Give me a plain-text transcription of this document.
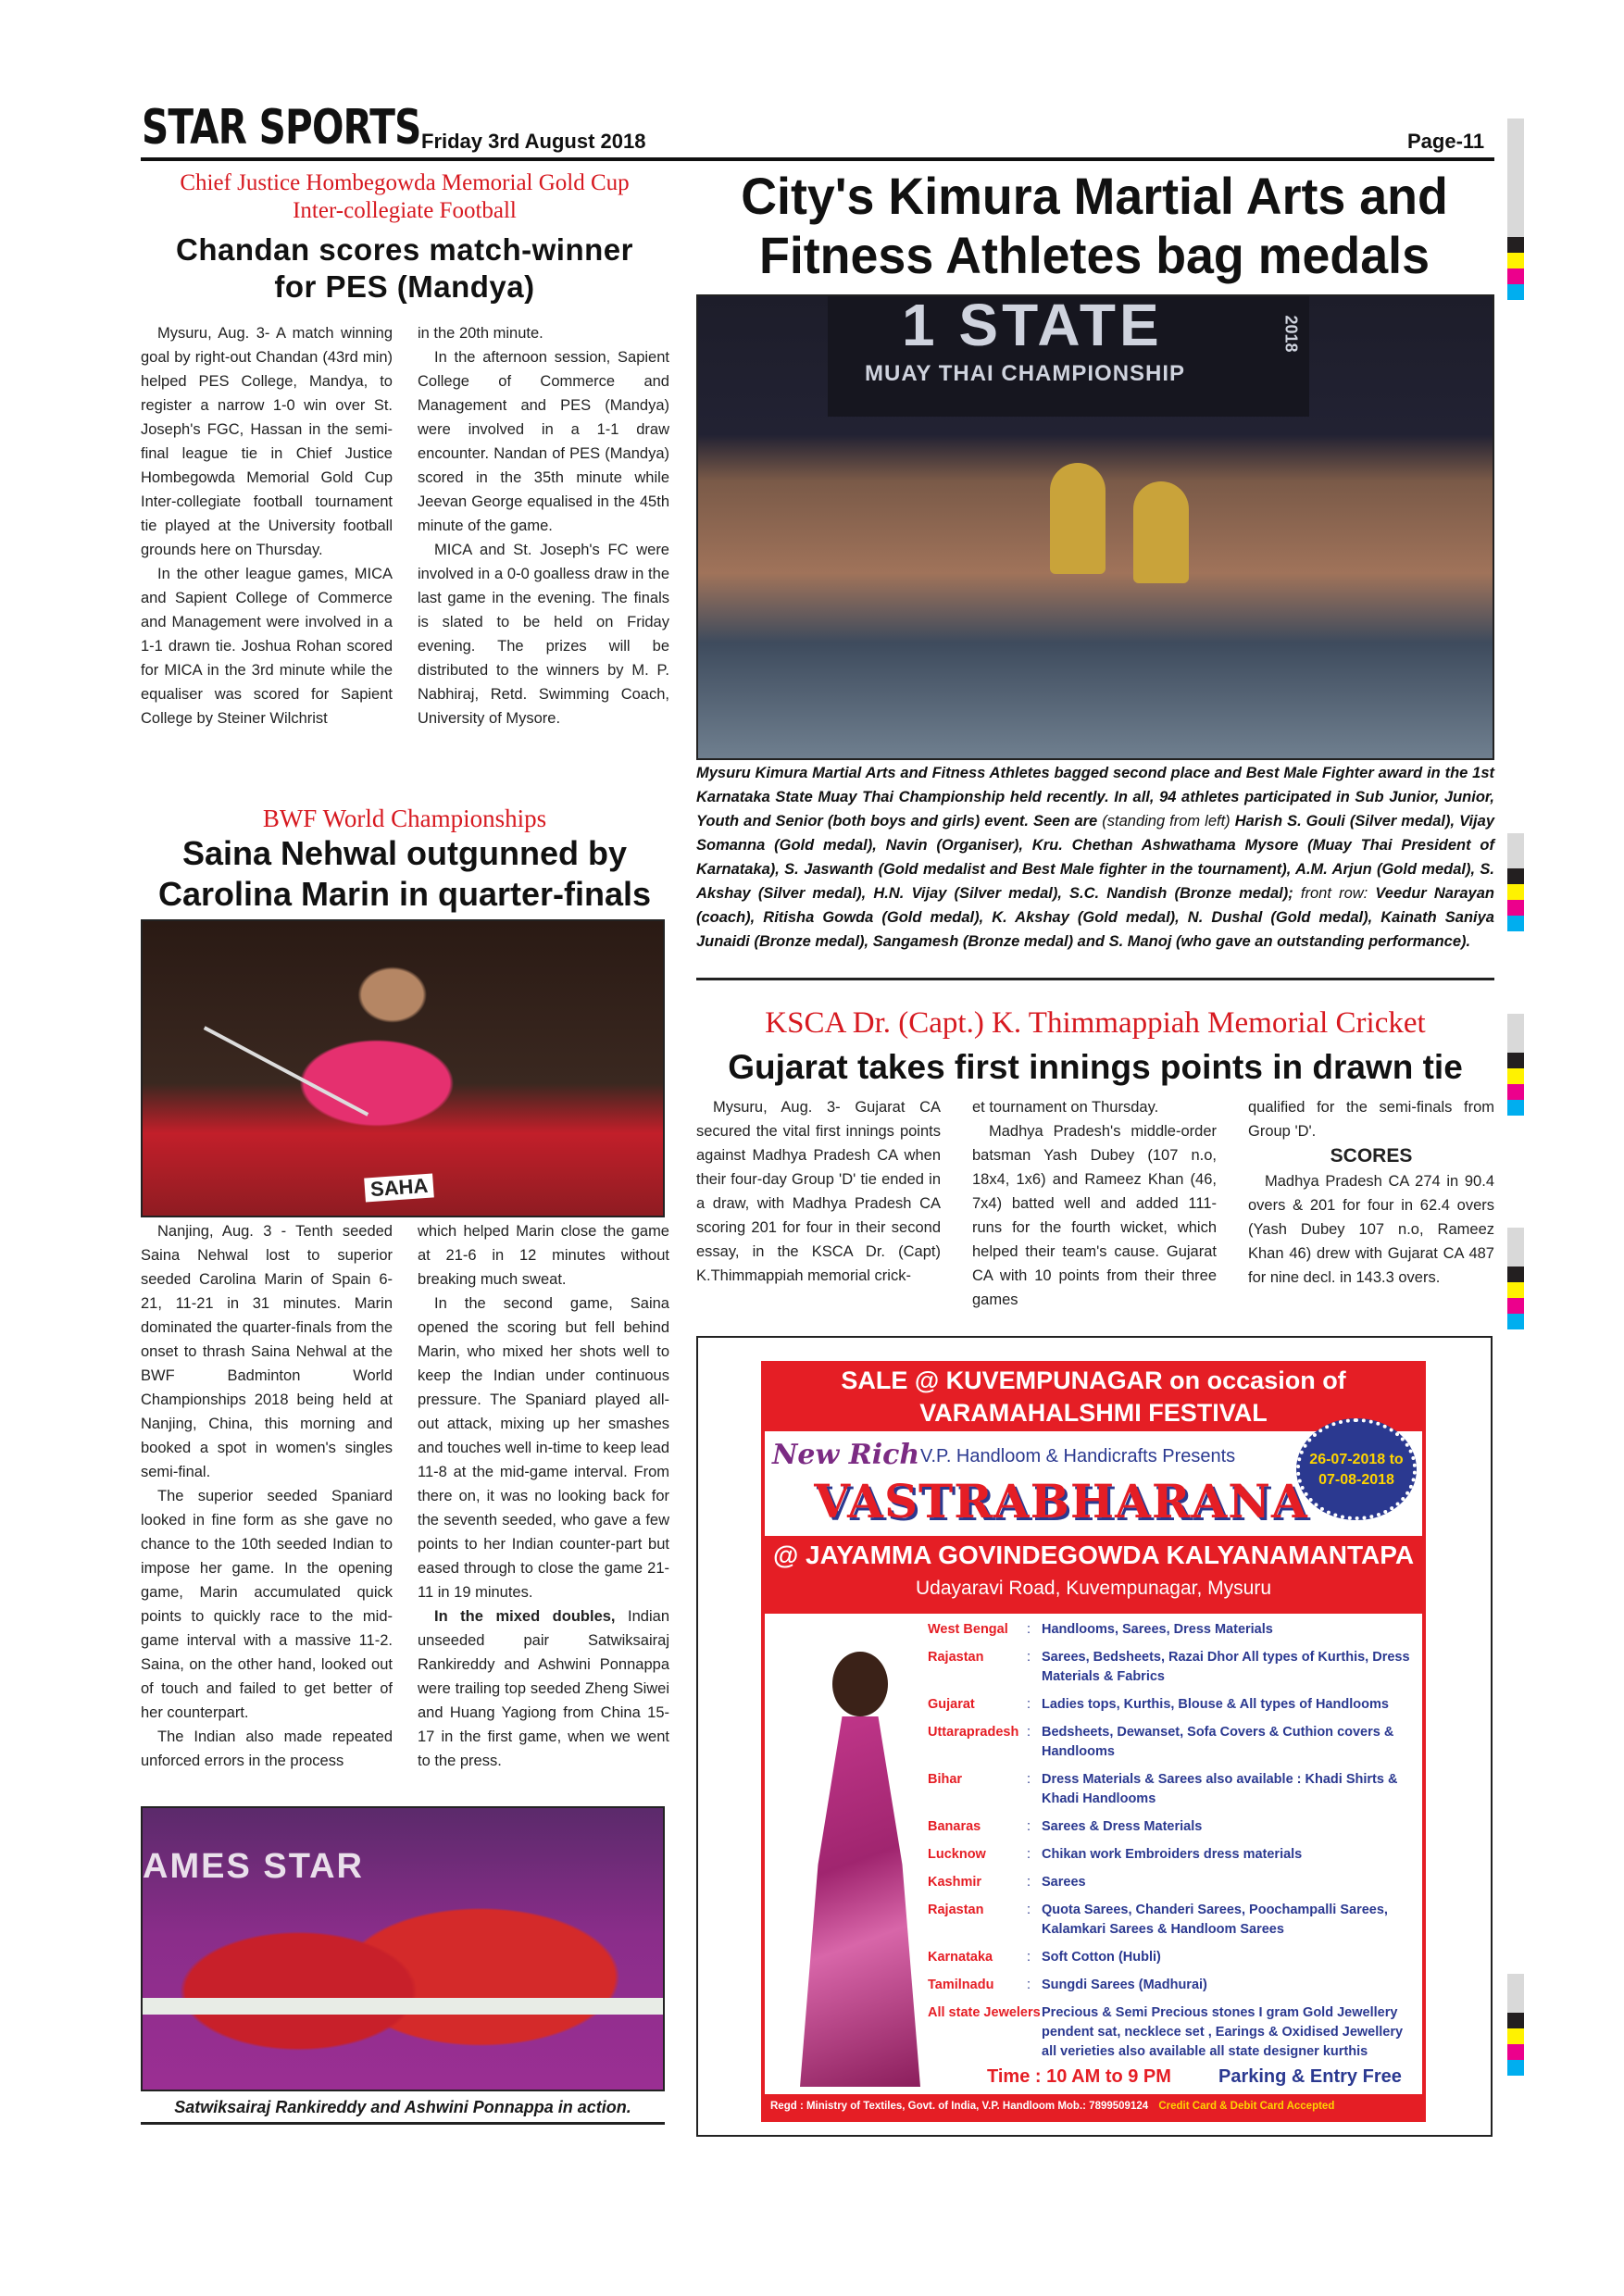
STAR SPORTS Friday 3rd August 2018	Page-11
Chief Justice Hombegowda Memorial Gold Cup
Inter-collegiate Football
Chandan scores match-winner
for PES (Mandya)

Mysuru, Aug. 3- A match winning goal by right-out Chandan (43rd min) helped PES College, Mandya, to register a narrow 1-0 win over St. Joseph's FGC, Hassan in the semi-final league tie in Chief Justice Hombegowda Memorial Gold Cup Inter-collegiate football tournament tie played at the University football grounds here on Thursday.

In the other league games, MICA and Sapient College of Commerce and Management were involved in a 1-1 drawn tie. Joshua Rohan scored for MICA in the 3rd minute while the equaliser was scored for Sapient College by Steiner Wilchrist

in the 20th minute.

In the afternoon session, Sapient College of Commerce and Management and PES (Mandya) were involved in a 1-1 draw encounter. Nandan of PES (Mandya) scored in the 35th minute while Jeevan George equalised in the 45th minute of the game.

MICA and St. Joseph's FC were involved in a 0-0 goalless draw in the last game in the evening. The finals is slated to be held on Friday evening. The prizes will be distributed to the winners by M. P. Nabhiraj, Retd. Swimming Coach, University of Mysore.

BWF World Championships
Saina Nehwal outgunned by
Carolina Marin in quarter-finals
SAHA

Nanjing, Aug. 3 - Tenth seeded Saina Nehwal lost to superior seeded Carolina Marin of Spain 6-21, 11-21 in 31 minutes. Marin dominated the quarter-finals from the onset to thrash Saina Nehwal at the BWF Badminton World Championships 2018 being held at Nanjing, China, this morning and booked a spot in women's singles semi-final.

The superior seeded Spaniard looked in fine form as she gave no chance to the 10th seeded Indian to impose her game. In the opening game, Marin accumulated quick points to quickly race to the mid-game interval with a massive 11-2. Saina, on the other hand, looked out of touch and failed to get better of her counterpart.

The Indian also made repeated unforced errors in the process

which helped Marin close the game at 21-6 in 12 minutes without breaking much sweat.

In the second game, Saina opened the scoring but fell behind Marin, who mixed her shots well to keep the Indian under continuous pressure. The Spaniard played all-out attack, mixing up her smashes and touches well in-time to keep lead 11-8 at the mid-game interval. From there on, it was no looking back for the seventh seeded, who gave a few points to her Indian counter-part but eased through to close the game 21-11 in 19 minutes.

In the mixed doubles, Indian unseeded pair Satwiksairaj Rankireddy and Ashwini Ponnappa were trailing top seeded Zheng Siwei and Huang Yagiong from China 15-17 in the first game, when we went to the press.

AMES STAR
Satwiksairaj Rankireddy and Ashwini Ponnappa in action.
City's Kimura Martial Arts and
Fitness Athletes bag medals
1 STATE
MUAY THAI CHAMPIONSHIP
2018
Mysuru Kimura Martial Arts and Fitness Athletes bagged second place and Best Male Fighter award in the 1st Karnataka State Muay Thai Championship held recently. In all, 94 athletes participated in Sub Junior, Junior, Youth and Senior (both boys and girls) event. Seen are (standing from left) Harish S. Gouli (Silver medal), Vijay Somanna (Gold medal), Navin (Organiser), Kru. Chethan Ashwathama Mysore (Muay Thai President of Karnataka), S. Jaswanth (Gold medalist and Best Male fighter in the tournament), A.M. Arjun (Gold medal), S. Akshay (Silver medal), H.N. Vijay (Silver medal), S.C. Nandish (Bronze medal); front row: Veedur Narayan (coach), Ritisha Gowda (Gold medal), K. Akshay (Gold medal), N. Dushal (Gold medal), Kainath Saniya Junaidi (Bronze medal), Sangamesh (Bronze medal) and S. Manoj (who gave an outstanding performance).
KSCA Dr. (Capt.) K. Thimmappiah Memorial Cricket
Gujarat takes first innings points in drawn tie

Mysuru, Aug. 3- Gujarat CA secured the vital first innings points against Madhya Pradesh CA when their four-day Group 'D' tie ended in a draw, with Madhya Pradesh CA scoring 201 for four in their second essay, in the KSCA Dr. (Capt) K.Thimmappiah memorial crick-

et tournament on Thursday.

Madhya Pradesh's middle-order batsman Yash Dubey (107 n.o, 18x4, 1x6) and Rameez Khan (46, 7x4) batted well and added 111-runs for the fourth wicket, which helped their team's cause. Gujarat CA with 10 points from their three games

qualified for the semi-finals from Group 'D'.
SCORES

Madhya Pradesh CA 274 in 90.4 overs & 201 for four in 62.4 overs (Yash Dubey 107 n.o, Rameez Khan 46) drew with Gujarat CA 487 for nine decl. in 143.3 overs.

SALE @ KUVEMPUNAGAR on occasion of
VARAMAHALSHMI FESTIVAL
26-07-2018 to
07-08-2018
New Rich V.P. Handloom & Handicrafts Presents
VASTRABHARANA
@ JAYAMMA GOVINDEGOWDA KALYANAMANTAPA
Udayaravi Road, Kuvempunagar, Mysuru
West Bengal	: Handlooms, Sarees, Dress Materials
Rajastan	: Sarees, Bedsheets, Razai Dhor All types of Kurthis, Dress Materials & Fabrics
Gujarat	: Ladies tops, Kurthis, Blouse & All types of Handlooms
Uttarapradesh : Bedsheets, Dewanset, Sofa Covers & Cuthion covers & Handlooms
Bihar	: Dress Materials & Sarees also available : Khadi Shirts & Khadi Handlooms
Banaras	: Sarees & Dress Materials
Lucknow	: Chikan work Embroiders dress materials
Kashmir	: Sarees
Rajastan	: Quota Sarees, Chanderi Sarees, Poochampalli Sarees, Kalamkari Sarees & Handloom Sarees
Karnataka	: Soft Cotton (Hubli)
Tamilnadu	: Sungdi Sarees (Madhurai)
All state Jewelers Precious & Semi Precious stones I gram Gold Jewellery pendent sat, necklece set , Earings & Oxidised Jewellery all verieties also available all state designer kurthis
Time : 10 AM to 9 PM	Parking & Entry Free
Regd : Ministry of Textiles, Govt. of India, V.P. Handloom Mob.: 7899509124 Credit Card & Debit Card Accepted
